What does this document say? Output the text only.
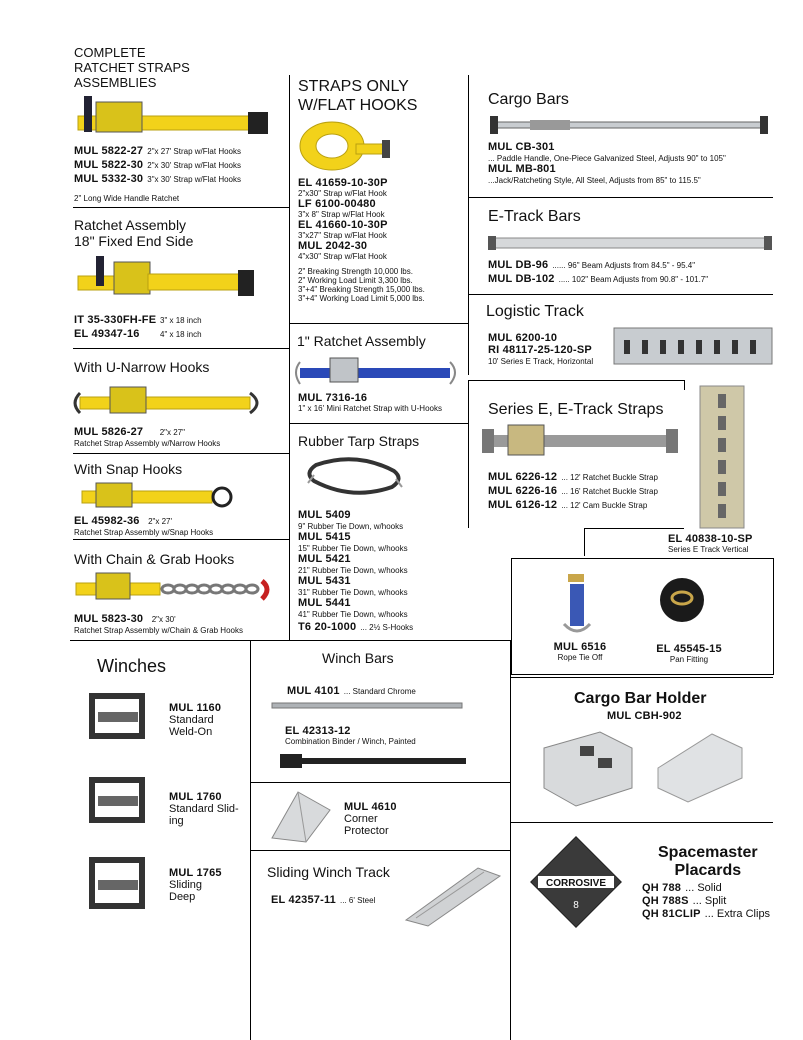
COMPLETE
RATCHET STRAPS
ASSEMBLIES
MUL 5822-27 2"x 27' Strap w/Flat Hooks
MUL 5822-30 2"x 30' Strap w/Flat Hooks
MUL 5332-30 3"x 30' Strap w/Flat Hooks
2" Long Wide Handle Ratchet
Ratchet Assembly
18" Fixed End Side
IT 35-330FH-FE 3" x 18 inch
EL 49347-16	4" x 18 inch
With U-Narrow Hooks
MUL 5826-27 2"x 27"
Ratchet Strap Assembly w/Narrow Hooks
With Snap Hooks
EL 45982-36 2"x 27'
Ratchet Strap Assembly w/Snap Hooks
With Chain & Grab Hooks
MUL 5823-30 2"x 30'
Ratchet Strap Assembly w/Chain & Grab Hooks
STRAPS ONLY
W/FLAT HOOKS
EL 41659-10-30P
2"x30" Strap w/Flat Hook
LF 6100-00480
3"x 8" Strap w/Flat Hook
EL 41660-10-30P
3"x27" Strap w/Flat Hook
MUL 2042-30
4"x30" Strap w/Flat Hook
2" Breaking Strength 10,000 lbs.
2" Working Load Limit 3,300 lbs.
3"+4" Breaking Strength 15,000 lbs.
3"+4" Working Load Limit 5,000 lbs.
1" Ratchet Assembly
MUL 7316-16
1" x 16' Mini Ratchet Strap with U-Hooks
Rubber Tarp Straps
MUL 5409
9" Rubber Tie Down, w/hooks
MUL 5415
15" Rubber Tie Down, w/hooks
MUL 5421
21" Rubber Tie Down, w/hooks
MUL 5431
31" Rubber Tie Down, w/hooks
MUL 5441
41" Rubber Tie Down, w/hooks
T6 20-1000 ... 2½ S-Hooks
Cargo Bars
MUL CB-301
... Paddle Handle, One-Piece Galvanized Steel, Adjusts 90" to 105"
MUL MB-801
...Jack/Ratcheting Style, All Steel, Adjusts from 85" to 115.5"
E-Track Bars
MUL DB-96 ...... 96" Beam Adjusts from 84.5" - 95.4"
MUL DB-102 ..... 102" Beam Adjusts from 90.8" - 101.7"
Logistic Track
MUL 6200-10
RI 48117-25-120-SP
10' Series E Track, Horizontal
Series E, E-Track Straps
MUL 6226-12 ... 12' Ratchet Buckle Strap
MUL 6226-16 ... 16' Ratchet Buckle Strap
MUL 6126-12 ... 12' Cam Buckle Strap
EL 40838-10-SP
Series E Track Vertical
MUL 6516
Rope Tie Off
EL 45545-15
Pan Fitting
Winches
MUL 1160
Standard
Weld-On
MUL 1760
Standard Slid-
ing
MUL 1765
Sliding
Deep
Winch Bars
MUL 4101 ... Standard Chrome
EL 42313-12
Combination Binder / Winch, Painted
MUL 4610
Corner
Protector
Sliding Winch Track
EL 42357-11 ... 6' Steel
Cargo Bar Holder
MUL CBH-902
CORROSIVE
8
Spacemaster
Placards
QH 788 ... Solid
QH 788S ... Split
QH 81CLIP ... Extra Clips
